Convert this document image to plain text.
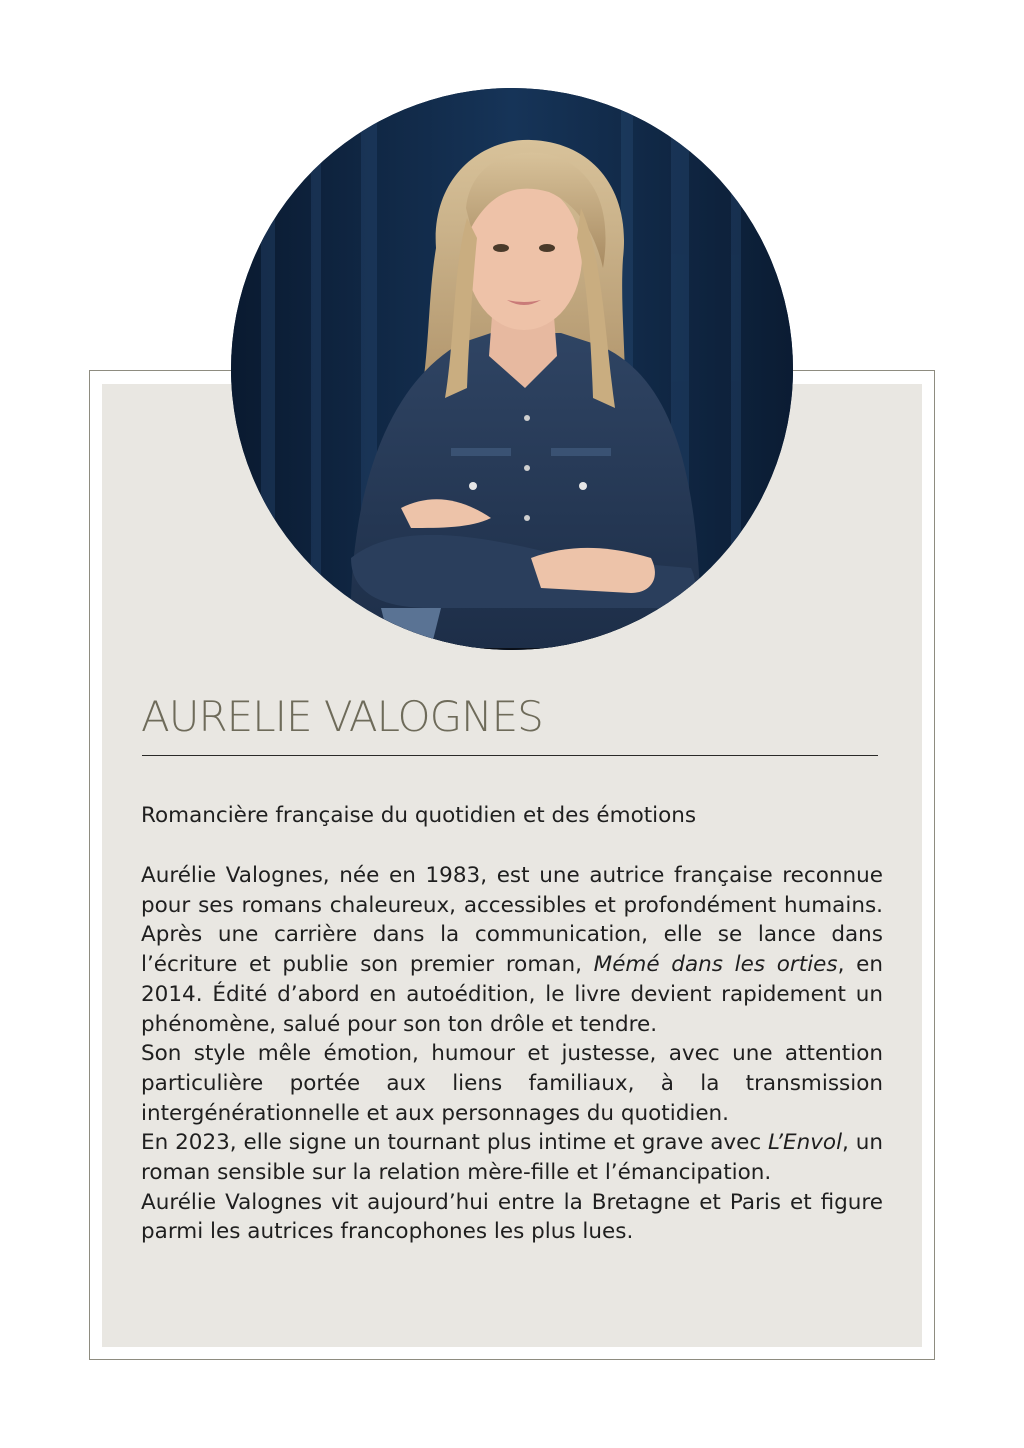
AURELIE VALOGNES
Romancière française du quotidien et des émotions

Aurélie Valognes, née en 1983, est une autrice française reconnue pour ses romans chaleureux, accessibles et profondément humains. Après une carrière dans la communication, elle se lance dans l’écriture et publie son premier roman, Mémé dans les orties, en 2014. Édité d’abord en autoédition, le livre devient rapidement un phénomène, salué pour son ton drôle et tendre.

Son style mêle émotion, humour et justesse, avec une attention particulière portée aux liens familiaux, à la transmission intergénérationnelle et aux personnages du quotidien.

En 2023, elle signe un tournant plus intime et grave avec L’Envol, un roman sensible sur la relation mère-fille et l’émancipation.

Aurélie Valognes vit aujourd’hui entre la Bretagne et Paris et figure parmi les autrices francophones les plus lues.
